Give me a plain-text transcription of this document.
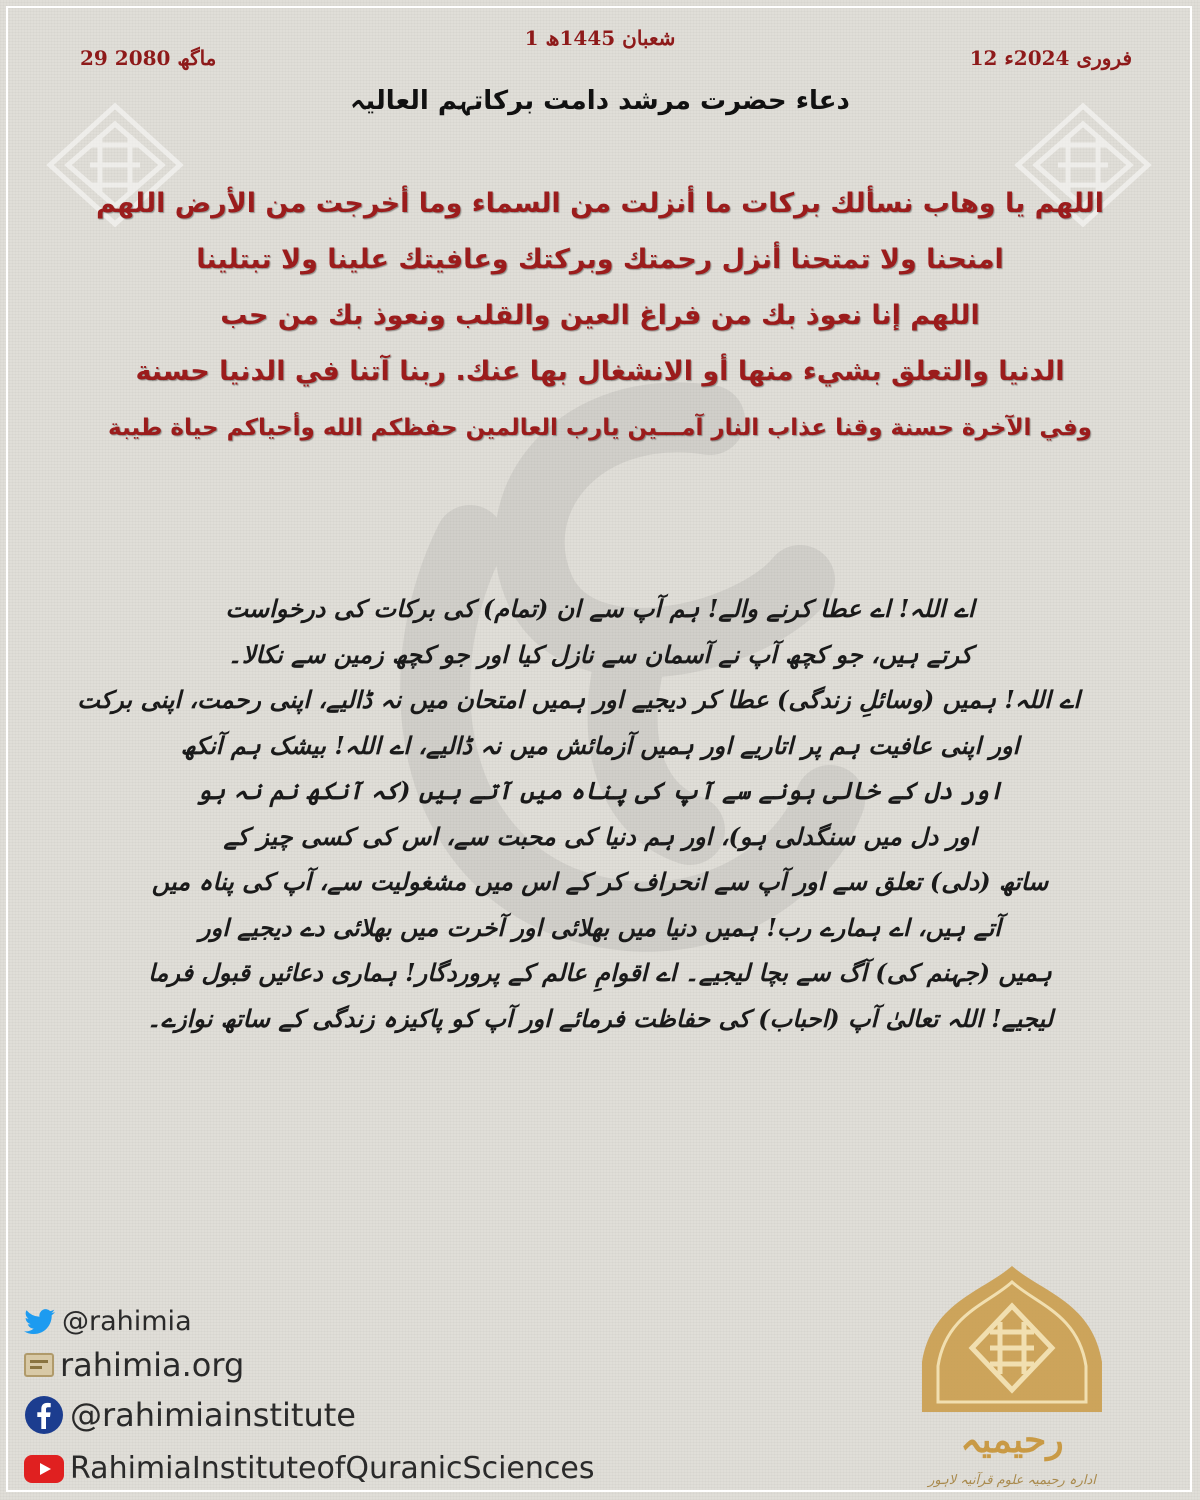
29 ماگھ 2080
1 شعبان 1445ھ
12 فروری 2024ء
دعاء حضرت مرشد دامت برکاتہم العالیہ
اللهم يا وهاب نسألك بركات ما أنزلت من السماء وما أخرجت من الأرض اللهم
امنحنا ولا تمتحنا أنزل رحمتك وبركتك وعافيتك علينا ولا تبتلينا
اللهم إنا نعوذ بك من فراغ العين والقلب ونعوذ بك من حب
الدنيا والتعلق بشيء منها أو الانشغال بها عنك. ربنا آتنا في الدنيا حسنة
وفي الآخرة حسنة وقنا عذاب النار آمـــين يارب العالمين حفظكم الله وأحياكم حياة طيبة
اے اللہ! اے عطا کرنے والے! ہم آپ سے ان (تمام) کی برکات کی درخواست
کرتے ہیں، جو کچھ آپ نے آسمان سے نازل کیا اور جو کچھ زمین سے نکالا۔
اے اللہ! ہمیں (وسائلِ زندگی) عطا کر دیجیے اور ہمیں امتحان میں نہ ڈالیے، اپنی رحمت، اپنی برکت
اور اپنی عافیت ہم پر اتاریے اور ہمیں آزمائش میں نہ ڈالیے، اے اللہ! بیشک ہم آنکھ
اور دل کے خالی ہونے سے آپ کی پناہ میں آتے ہیں (کہ آنکھ نم نہ ہو
اور دل میں سنگدلی ہو)، اور ہم دنیا کی محبت سے، اس کی کسی چیز کے
ساتھ (دلی) تعلق سے اور آپ سے انحراف کر کے اس میں مشغولیت سے، آپ کی پناہ میں
آتے ہیں، اے ہمارے رب! ہمیں دنیا میں بھلائی اور آخرت میں بھلائی دے دیجیے اور
ہمیں (جہنم کی) آگ سے بچا لیجیے۔ اے اقوامِ عالم کے پروردگار! ہماری دعائیں قبول فرما
لیجیے! اللہ تعالیٰ آپ (احباب) کی حفاظت فرمائے اور آپ کو پاکیزہ زندگی کے ساتھ نوازے۔
@rahimia
rahimia.org
@rahimiainstitute
RahimiaInstituteofQuranicSciences
رحیمیہ
ادارہ رحیمیہ علوم قرآنیہ لاہور
